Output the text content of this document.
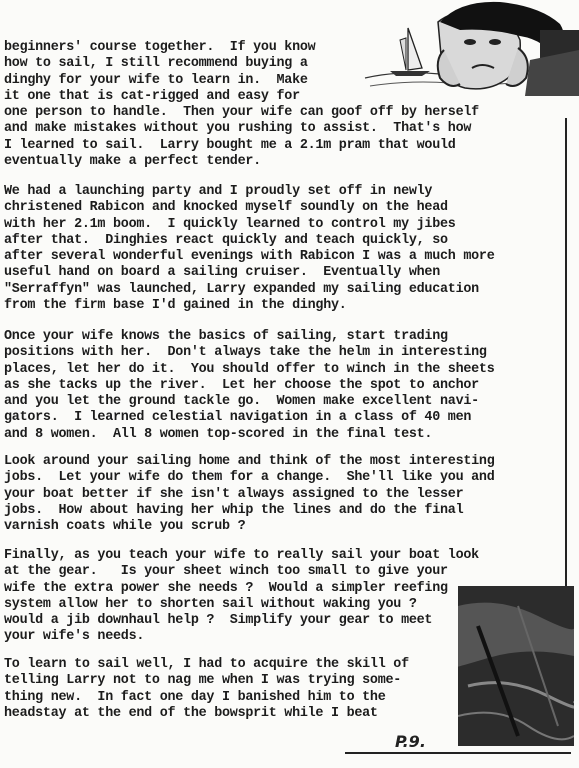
beginners' course together.  If you know
how to sail, I still recommend buying a
dinghy for your wife to learn in.  Make
it one that is cat-rigged and easy for
one person to handle.  Then your wife can goof off by herself
and make mistakes without you rushing to assist.  That's how
I learned to sail.  Larry bought me a 2.1m pram that would
eventually make a perfect tender.
We had a launching party and I proudly set off in newly
christened Rabicon and knocked myself soundly on the head
with her 2.1m boom.  I quickly learned to control my jibes
after that.  Dinghies react quickly and teach quickly, so
after several wonderful evenings with Rabicon I was a much more
useful hand on board a sailing cruiser.  Eventually when
"Serraffyn" was launched, Larry expanded my sailing education
from the firm base I'd gained in the dinghy.
Once your wife knows the basics of sailing, start trading
positions with her.  Don't always take the helm in interesting
places, let her do it.  You should offer to winch in the sheets
as she tacks up the river.  Let her choose the spot to anchor
and you let the ground tackle go.  Women make excellent navi-
gators.  I learned celestial navigation in a class of 40 men
and 8 women.  All 8 women top-scored in the final test.
Look around your sailing home and think of the most interesting
jobs.  Let your wife do them for a change.  She'll like you and
your boat better if she isn't always assigned to the lesser
jobs.  How about having her whip the lines and do the final
varnish coats while you scrub ?
Finally, as you teach your wife to really sail your boat look
at the gear.   Is your sheet winch too small to give your
wife the extra power she needs ?  Would a simpler reefing
system allow her to shorten sail without waking you ?
would a jib downhaul help ?  Simplify your gear to meet
your wife's needs.
To learn to sail well, I had to acquire the skill of
telling Larry not to nag me when I was trying some-
thing new.  In fact one day I banished him to the
headstay at the end of the bowsprit while I beat
P.9.
